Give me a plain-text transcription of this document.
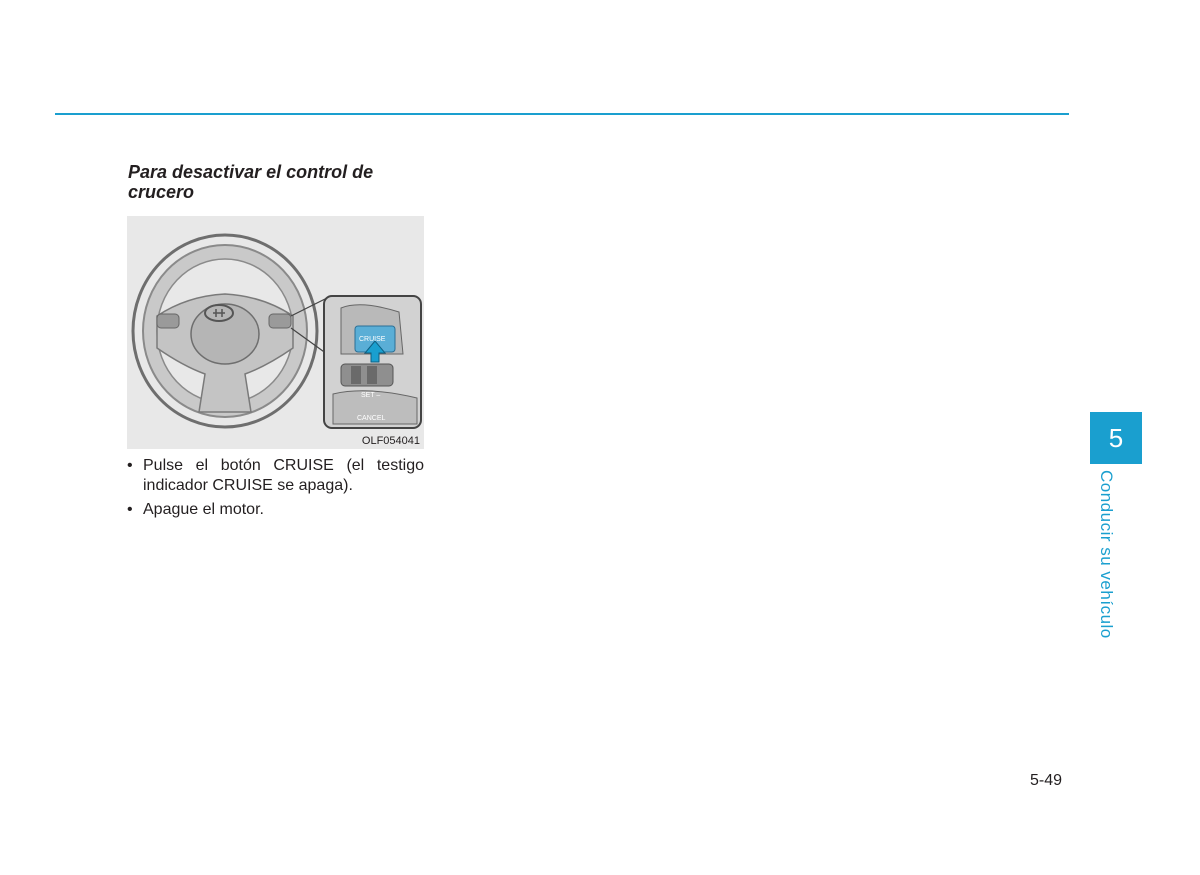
Para desactivar el control de crucero
CRUISE
SET –
CANCEL
OLF054041
• Pulse el botón CRUISE (el testigo indicador CRUISE se apaga).
• Apague el motor.
5
Conducir su vehículo
5-49
